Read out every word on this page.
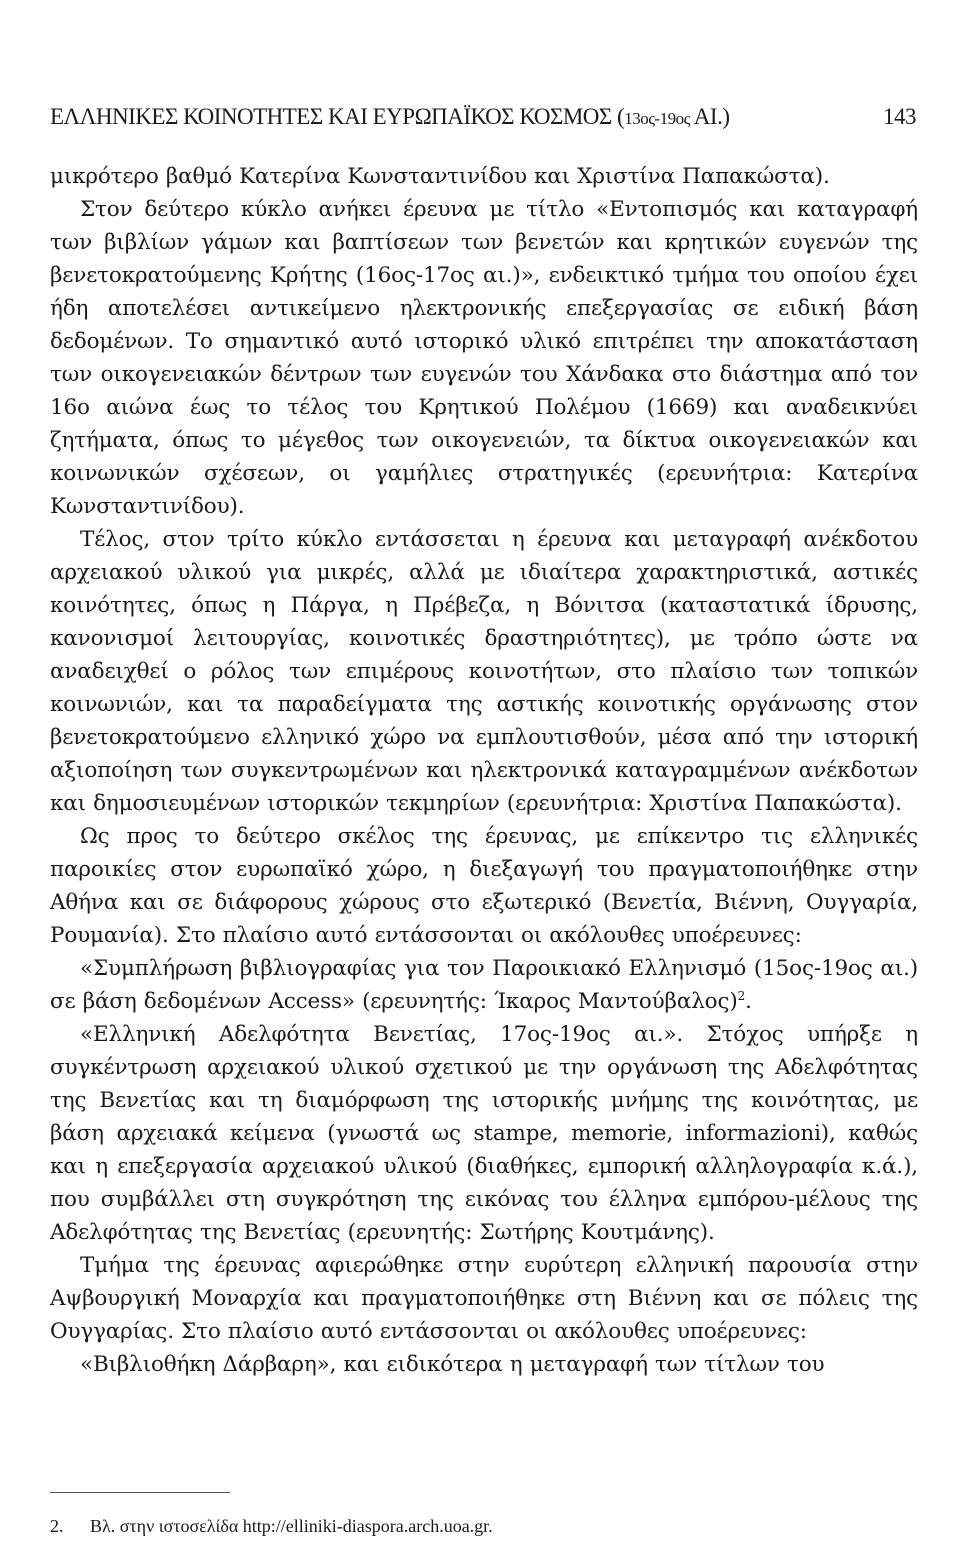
ΕΛΛΗΝΙΚΕΣ ΚΟΙΝΟΤΗΤΕΣ ΚΑΙ ΕΥΡΩΠΑΪΚΟΣ ΚΟΣΜΟΣ (13ος-19ος ΑΙ.)	143

μικρότερο βαθμό Κατερίνα Κωνσταντινίδου και Χριστίνα Παπακώστα).

Στον δεύτερο κύκλο ανήκει έρευνα με τίτλο «Εντοπισμός και καταγραφή των βιβλίων γάμων και βαπτίσεων των βενετών και κρητικών ευγενών της βενετοκρατούμενης Κρήτης (16ος-17ος αι.)», ενδεικτικό τμήμα του οποίου έχει ήδη αποτελέσει αντικείμενο ηλεκτρονικής επεξεργασίας σε ειδική βάση δεδομένων. Το σημαντικό αυτό ιστορικό υλικό επιτρέπει την αποκατάσταση των οικογενειακών δέντρων των ευγενών του Χάνδακα στο διάστημα από τον 16ο αιώνα έως το τέλος του Κρητικού Πολέμου (1669) και αναδεικνύει ζητήματα, όπως το μέγεθος των οικογενειών, τα δίκτυα οικογενειακών και κοινωνικών σχέσεων, οι γαμήλιες στρατηγικές (ερευνήτρια: Κατερίνα Κωνσταντινίδου).

Τέλος, στον τρίτο κύκλο εντάσσεται η έρευνα και μεταγραφή ανέκδοτου αρχειακού υλικού για μικρές, αλλά με ιδιαίτερα χαρακτηριστικά, αστικές κοινότητες, όπως η Πάργα, η Πρέβεζα, η Βόνιτσα (καταστατικά ίδρυσης, κανονισμοί λειτουργίας, κοινοτικές δραστηριότητες), με τρόπο ώστε να αναδειχθεί ο ρόλος των επιμέρους κοινοτήτων, στο πλαίσιο των τοπικών κοινωνιών, και τα παραδείγματα της αστικής κοινοτικής οργάνωσης στον βενετοκρατούμενο ελληνικό χώρο να εμπλουτισθούν, μέσα από την ιστορική αξιοποίηση των συγκεντρωμένων και ηλεκτρονικά καταγραμμένων ανέκδοτων και δημοσιευμένων ιστορικών τεκμηρίων (ερευνήτρια: Χριστίνα Παπακώστα).

Ως προς το δεύτερο σκέλος της έρευνας, με επίκεντρο τις ελληνικές παροικίες στον ευρωπαϊκό χώρο, η διεξαγωγή του πραγματοποιήθηκε στην Αθήνα και σε διάφορους χώρους στο εξωτερικό (Βενετία, Βιέννη, Ουγγαρία, Ρουμανία). Στο πλαίσιο αυτό εντάσσονται οι ακόλουθες υποέρευνες:

«Συμπλήρωση βιβλιογραφίας για τον Παροικιακό Ελληνισμό (15ος-19ος αι.) σε βάση δεδομένων Access» (ερευνητής: Ίκαρος Μαντούβαλος)$^2$.

«Ελληνική Αδελφότητα Βενετίας, 17ος-19ος αι.». Στόχος υπήρξε η συγκέντρωση αρχειακού υλικού σχετικού με την οργάνωση της Αδελφότητας της Βενετίας και τη διαμόρφωση της ιστορικής μνήμης της κοινότητας, με βάση αρχειακά κείμενα (γνωστά ως stampe, memorie, informazioni), καθώς και η επεξεργασία αρχειακού υλικού (διαθήκες, εμπορική αλληλογραφία κ.ά.), που συμβάλλει στη συγκρότηση της εικόνας του έλληνα εμπόρου-μέλους της Αδελφότητας της Βενετίας (ερευνητής: Σωτήρης Κουτμάνης).

Τμήμα της έρευνας αφιερώθηκε στην ευρύτερη ελληνική παρουσία στην Αψβουργική Μοναρχία και πραγματοποιήθηκε στη Βιέννη και σε πόλεις της Ουγγαρίας. Στο πλαίσιο αυτό εντάσσονται οι ακόλουθες υποέρευνες:

«Βιβλιοθήκη Δάρβαρη», και ειδικότερα η μεταγραφή των τίτλων του

2. Βλ. στην ιστοσελίδα http://elliniki-diaspora.arch.uoa.gr.
